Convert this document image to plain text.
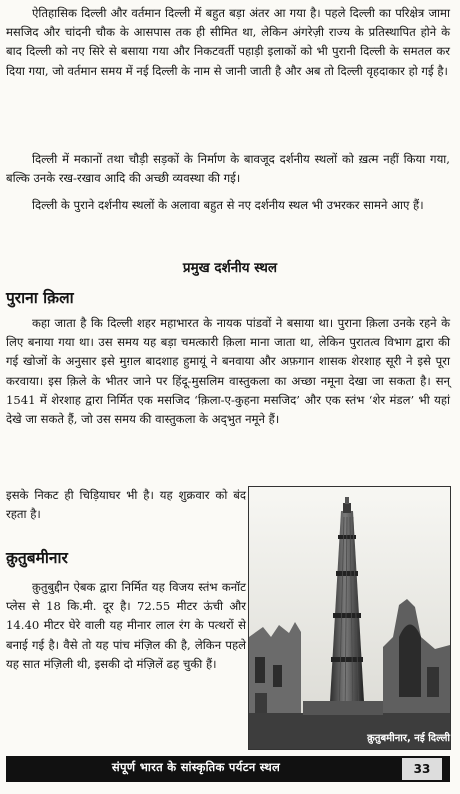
ऐतिहासिक दिल्ली और वर्तमान दिल्ली में बहुत बड़ा अंतर आ गया है। पहले दिल्ली का परिक्षेत्र जामा मसजिद और चांदनी चौक के आसपास तक ही सीमित था, लेकिन अंगरेज़ी राज्य के प्रतिस्थापित होने के बाद दिल्ली को नए सिरे से बसाया गया और निकटवर्ती पहाड़ी इलाकों को भी पुरानी दिल्ली के समतल कर दिया गया, जो वर्तमान समय में नई दिल्ली के नाम से जानी जाती है और अब तो दिल्ली वृहदाकार हो गई है।

दिल्ली में मकानों तथा चौड़ी सड़कों के निर्माण के बावजूद दर्शनीय स्थलों को ख़त्म नहीं किया गया, बल्कि उनके रख-रखाव आदि की अच्छी व्यवस्था की गई।

दिल्ली के पुराने दर्शनीय स्थलों के अलावा बहुत से नए दर्शनीय स्थल भी उभरकर सामने आए हैं।

प्रमुख दर्शनीय स्थल
पुराना क़िला

कहा जाता है कि दिल्ली शहर महाभारत के नायक पांडवों ने बसाया था। पुराना क़िला उनके रहने के लिए बनाया गया था। उस समय यह बड़ा चमत्कारी क़िला माना जाता था, लेकिन पुरातत्व विभाग द्वारा की गई खोजों के अनुसार इसे मुग़ल बादशाह हुमायूं ने बनवाया और अफ़गान शासक शेरशाह सूरी ने इसे पूरा करवाया। इस क़िले के भीतर जाने पर हिंदू-मुसलिम वास्तुकला का अच्छा नमूना देखा जा सकता है। सन् 1541 में शेरशाह द्वारा निर्मित एक मसजिद ‘क़िला-ए-कुहना मसजिद’ और एक स्तंभ ‘शेर मंडल’ भी यहां देखे जा सकते हैं, जो उस समय की वास्तुकला के अद्‌भुत नमूने हैं।

इसके निकट ही चिड़ियाघर भी है। यह शुक्रवार को बंद रहता है।

क़ुतुबमीनार

क़ुतुबुद्दीन ऐबक द्वारा निर्मित यह विजय स्तंभ कनॉट प्लेस से 18 कि.मी. दूर है। 72.55 मीटर ऊंची और 14.40 मीटर घेरे वाली यह मीनार लाल रंग के पत्थरों से बनाई गई है। वैसे तो यह पांच मंज़िल की है, लेकिन पहले यह सात मंज़िली थी, इसकी दो मंज़िलें ढह चुकी हैं।

क़ुतुबमीनार, नई दिल्ली
संपूर्ण भारत के सांस्कृतिक पर्यटन स्थल	33
